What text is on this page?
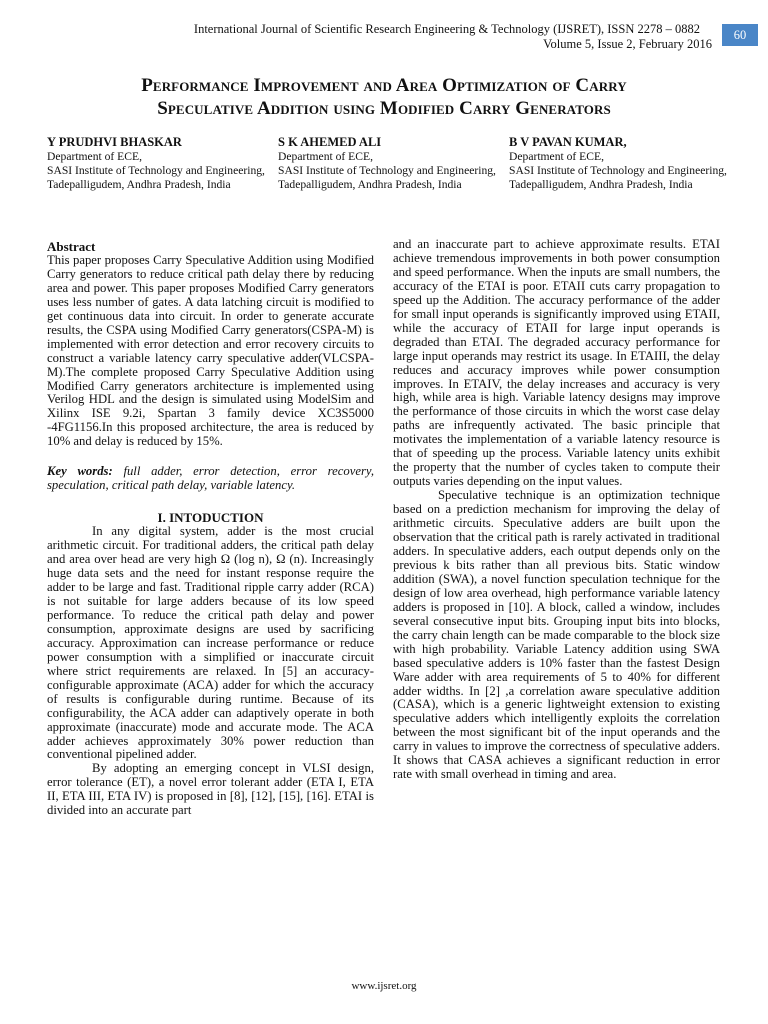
International Journal of Scientific Research Engineering & Technology (IJSRET), ISSN 2278 – 0882
Volume 5, Issue 2, February 2016
60
Performance Improvement and Area Optimization of Carry
Speculative Addition using Modified Carry Generators
Y PRUDHVI BHASKAR
Department of ECE,
SASI Institute of Technology and Engineering,
Tadepalligudem, Andhra Pradesh, India
S K AHEMED ALI
Department of ECE,
SASI Institute of Technology and Engineering,
Tadepalligudem, Andhra Pradesh, India
B V PAVAN KUMAR,
Department of ECE,
SASI Institute of Technology and Engineering,
Tadepalligudem, Andhra Pradesh, India
Abstract

This paper proposes Carry Speculative Addition using Modified Carry generators to reduce critical path delay there by reducing area and power. This paper proposes Modified Carry generators uses less number of gates. A data latching circuit is modified to get continuous data into circuit. In order to generate accurate results, the CSPA using Modified Carry generators(CSPA-M) is implemented with error detection and error recovery circuits to construct a variable latency carry speculative adder(VLCSPA-M).The complete proposed Carry Speculative Addition using Modified Carry generators architecture is implemented using Verilog HDL and the design is simulated using ModelSim and Xilinx ISE 9.2i, Spartan 3 family device XC3S5000 -4FG1156.In this proposed architecture, the area is reduced by 10% and delay is reduced by 15%.

Key words: full adder, error detection, error recovery, speculation, critical path delay, variable latency.

I. INTODUCTION

In any digital system, adder is the most crucial arithmetic circuit. For traditional adders, the critical path delay and area over head are very high Ω (log n), Ω (n). Increasingly huge data sets and the need for instant response require the adder to be large and fast. Traditional ripple carry adder (RCA) is not suitable for large adders because of its low speed performance. To reduce the critical path delay and power consumption, approximate designs are used by sacrificing accuracy. Approximation can increase performance or reduce power consumption with a simplified or inaccurate circuit where strict requirements are relaxed. In [5] an accuracy-configurable approximate (ACA) adder for which the accuracy of results is configurable during runtime. Because of its configurability, the ACA adder can adaptively operate in both approximate (inaccurate) mode and accurate mode. The ACA adder achieves approximately 30% power reduction than conventional pipelined adder.

By adopting an emerging concept in VLSI design, error tolerance (ET), a novel error tolerant adder (ETA I, ETA II, ETA III, ETA IV) is proposed in [8], [12], [15], [16]. ETAI is divided into an accurate part

and an inaccurate part to achieve approximate results. ETAI achieve tremendous improvements in both power consumption and speed performance. When the inputs are small numbers, the accuracy of the ETAI is poor. ETAII cuts carry propagation to speed up the Addition. The accuracy performance of the adder for small input operands is significantly improved using ETAII, while the accuracy of ETAII for large input operands is degraded than ETAI. The degraded accuracy performance for large input operands may restrict its usage. In ETAIII, the delay reduces and accuracy improves while power consumption improves. In ETAIV, the delay increases and accuracy is very high, while area is high. Variable latency designs may improve the performance of those circuits in which the worst case delay paths are infrequently activated. The basic principle that motivates the implementation of a variable latency resource is that of speeding up the process. Variable latency units exhibit the property that the number of cycles taken to compute their outputs varies depending on the input values.

Speculative technique is an optimization technique based on a prediction mechanism for improving the delay of arithmetic circuits. Speculative adders are built upon the observation that the critical path is rarely activated in traditional adders. In speculative adders, each output depends only on the previous k bits rather than all previous bits. Static window addition (SWA), a novel function speculation technique for the design of low area overhead, high performance variable latency adders is proposed in [10]. A block, called a window, includes several consecutive input bits. Grouping input bits into blocks, the carry chain length can be made comparable to the block size with high probability. Variable Latency addition using SWA based speculative adders is 10% faster than the fastest Design Ware adder with area requirements of 5 to 40% for different adder widths. In [2] ,a correlation aware speculative addition (CASA), which is a generic lightweight extension to existing speculative adders which intelligently exploits the correlation between the most significant bit of the input operands and the carry in values to improve the correctness of speculative adders. It shows that CASA achieves a significant reduction in error rate with small overhead in timing and area.

www.ijsret.org
